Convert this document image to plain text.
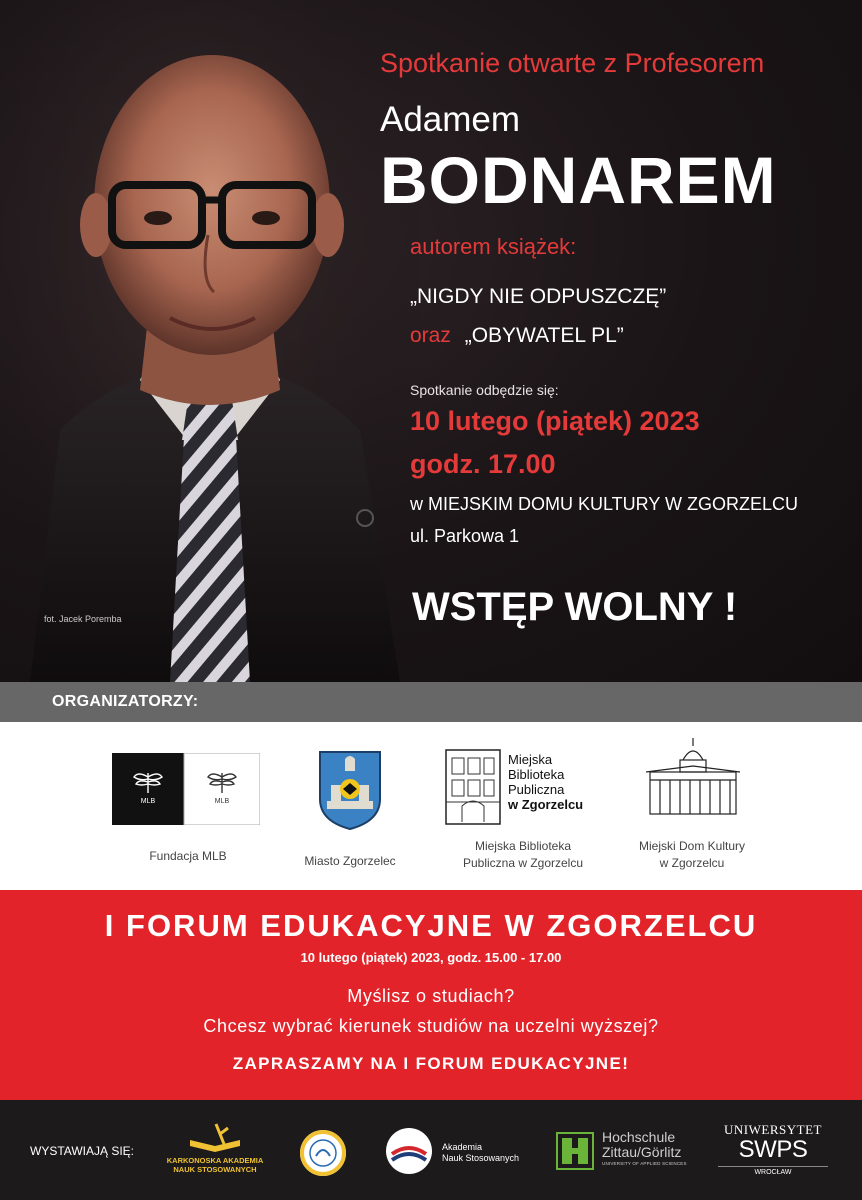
fot. Jacek Poremba
Spotkanie otwarte z Profesorem
Adamem
BODNAREM
autorem książek:
„NIGDY NIE ODPUSZCZĘ”
oraz „OBYWATEL PL”
Spotkanie odbędzie się:
10 lutego (piątek) 2023
godz. 17.00
w MIEJSKIM DOMU KULTURY W ZGORZELCU
ul. Parkowa 1
WSTĘP WOLNY !
ORGANIZATORZY:
MLB	MLB
Fundacja MLB	Miasto Zgorzelec
Miejska
Biblioteka
Publiczna
w Zgorzelcu
Miejska Biblioteka
Publiczna w Zgorzelcu
Miejski Dom Kultury
w Zgorzelcu
I FORUM EDUKACYJNE W ZGORZELCU
10 lutego (piątek) 2023, godz. 15.00 - 17.00
Myślisz o studiach?
Chcesz wybrać kierunek studiów na uczelni wyższej?
ZAPRASZAMY NA I FORUM EDUKACYJNE!
WYSTAWIAJĄ SIĘ:
KARKONOSKA AKADEMIA
NAUK STOSOWANYCH
Akademia
Nauk Stosowanych
Hochschule
Zittau/Görlitz
UNIVERSITY OF APPLIED SCIENCES
UNIWERSYTET
SWPS
WROCŁAW
